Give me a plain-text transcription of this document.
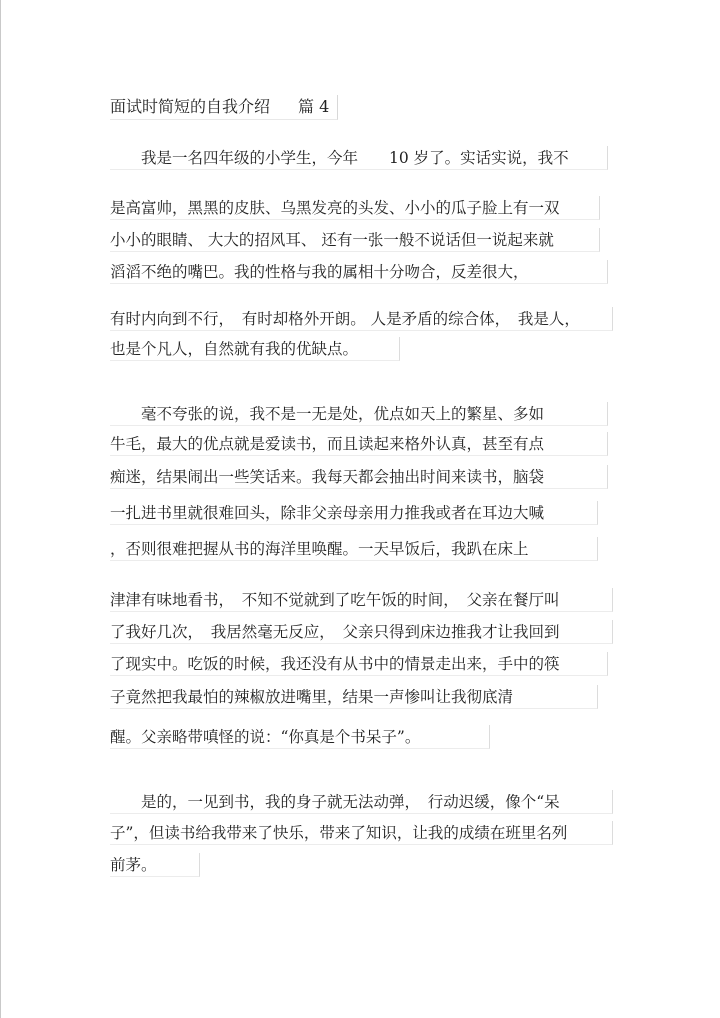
面试时简短的自我介绍 篇 4
　　我是一名四年级的小学生，今年　　10 岁了。实话实说，我不
是高富帅，黑黑的皮肤、乌黑发亮的头发、小小的瓜子脸上有一双
小小的眼睛、 大大的招风耳、 还有一张一般不说话但一说起来就
滔滔不绝的嘴巴。我的性格与我的属相十分吻合，反差很大，
有时内向到不行，　有时却格外开朗。 人是矛盾的综合体，　我是人，
也是个凡人，自然就有我的优缺点。
　　毫不夸张的说，我不是一无是处，优点如天上的繁星、多如
牛毛，最大的优点就是爱读书，而且读起来格外认真，甚至有点
痴迷，结果闹出一些笑话来。我每天都会抽出时间来读书，脑袋
一扎进书里就很难回头，除非父亲母亲用力推我或者在耳边大喊
，否则很难把握从书的海洋里唤醒。一天早饭后，我趴在床上
津津有味地看书，　不知不觉就到了吃午饭的时间，　父亲在餐厅叫
了我好几次，　我居然毫无反应，　父亲只得到床边推我才让我回到
了现实中。吃饭的时候，我还没有从书中的情景走出来，手中的筷
子竟然把我最怕的辣椒放进嘴里，结果一声惨叫让我彻底清
醒。父亲略带嗔怪的说：“你真是个书呆子”。
　　是的，一见到书，我的身子就无法动弹，　行动迟缓，像个“呆
子”，但读书给我带来了快乐，带来了知识，让我的成绩在班里名列
前茅。
